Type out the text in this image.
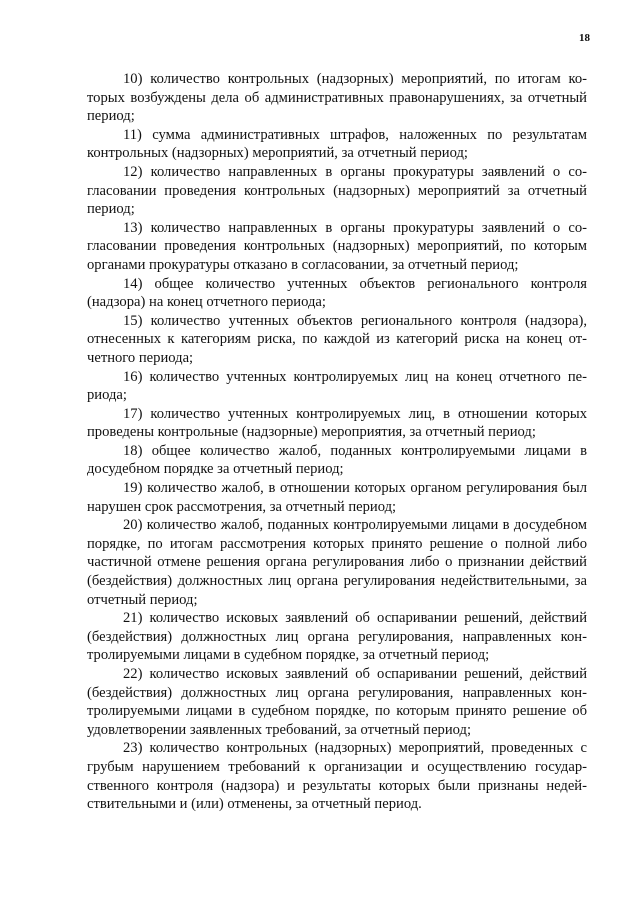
18

10) количество контрольных (надзорных) мероприятий, по итогам которых возбуждены дела об административных правонарушениях, за отчетный период;

11) сумма административных штрафов, наложенных по результатам контрольных (надзорных) мероприятий, за отчетный период;

12) количество направленных в органы прокуратуры заявлений о согласовании проведения контрольных (надзорных) мероприятий за отчетный период;

13) количество направленных в органы прокуратуры заявлений о согласовании проведения контрольных (надзорных) мероприятий, по которым органами прокуратуры отказано в согласовании, за отчетный период;

14) общее количество учтенных объектов регионального контроля (надзора) на конец отчетного периода;

15) количество учтенных объектов регионального контроля (надзора), отнесенных к категориям риска, по каждой из категорий риска на конец отчетного периода;

16) количество учтенных контролируемых лиц на конец отчетного периода;

17) количество учтенных контролируемых лиц, в отношении которых проведены контрольные (надзорные) мероприятия, за отчетный период;

18) общее количество жалоб, поданных контролируемыми лицами в досудебном порядке за отчетный период;

19) количество жалоб, в отношении которых органом регулирования был нарушен срок рассмотрения, за отчетный период;

20) количество жалоб, поданных контролируемыми лицами в досудебном порядке, по итогам рассмотрения которых принято решение о полной либо частичной отмене решения органа регулирования либо о признании действий (бездействия) должностных лиц органа регулирования недействительными, за отчетный период;

21) количество исковых заявлений об оспаривании решений, действий (бездействия) должностных лиц органа регулирования, направленных контролируемыми лицами в судебном порядке, за отчетный период;

22) количество исковых заявлений об оспаривании решений, действий (бездействия) должностных лиц органа регулирования, направленных контролируемыми лицами в судебном порядке, по которым принято решение об удовлетворении заявленных требований, за отчетный период;

23) количество контрольных (надзорных) мероприятий, проведенных с грубым нарушением требований к организации и осуществлению государственного контроля (надзора) и результаты которых были признаны недействительными и (или) отменены, за отчетный период.
